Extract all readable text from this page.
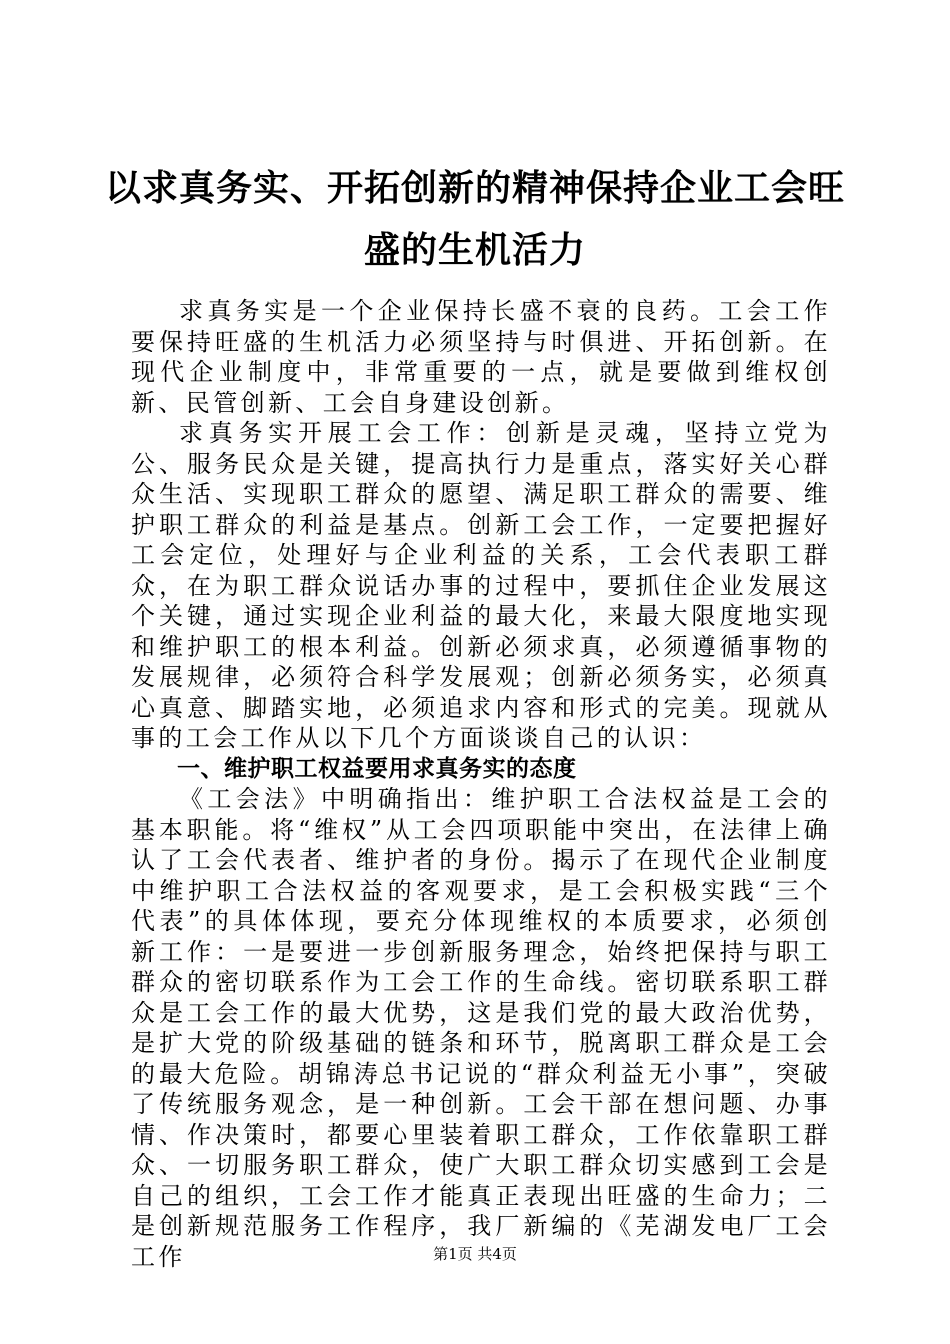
以求真务实、开拓创新的精神保持企业工会旺
盛的生机活力

求真务实是一个企业保持长盛不衰的良药。工会工作要保持旺盛的生机活力必须坚持与时俱进、开拓创新。在现代企业制度中，非常重要的一点，就是要做到维权创新、民管创新、工会自身建设创新。

求真务实开展工会工作：创新是灵魂，坚持立党为公、服务民众是关键，提高执行力是重点，落实好关心群众生活、实现职工群众的愿望、满足职工群众的需要、维护职工群众的利益是基点。创新工会工作，一定要把握好工会定位，处理好与企业利益的关系，工会代表职工群众，在为职工群众说话办事的过程中，要抓住企业发展这个关键，通过实现企业利益的最大化，来最大限度地实现和维护职工的根本利益。创新必须求真，必须遵循事物的发展规律，必须符合科学发展观；创新必须务实，必须真心真意、脚踏实地，必须追求内容和形式的完美。现就从事的工会工作从以下几个方面谈谈自己的认识：

一、维护职工权益要用求真务实的态度

《工会法》中明确指出：维护职工合法权益是工会的基本职能。将“维权”从工会四项职能中突出，在法律上确认了工会代表者、维护者的身份。揭示了在现代企业制度中维护职工合法权益的客观要求，是工会积极实践“三个代表”的具体体现，要充分体现维权的本质要求，必须创新工作：一是要进一步创新服务理念，始终把保持与职工群众的密切联系作为工会工作的生命线。密切联系职工群众是工会工作的最大优势，这是我们党的最大政治优势，是扩大党的阶级基础的链条和环节，脱离职工群众是工会的最大危险。胡锦涛总书记说的“群众利益无小事”，突破了传统服务观念，是一种创新。工会干部在想问题、办事情、作决策时，都要心里装着职工群众，工作依靠职工群众、一切服务职工群众，使广大职工群众切实感到工会是自己的组织，工会工作才能真正表现出旺盛的生命力；二是创新规范服务工作程序，我厂新编的《芜湖发电厂工会工作	第1页 共4页
